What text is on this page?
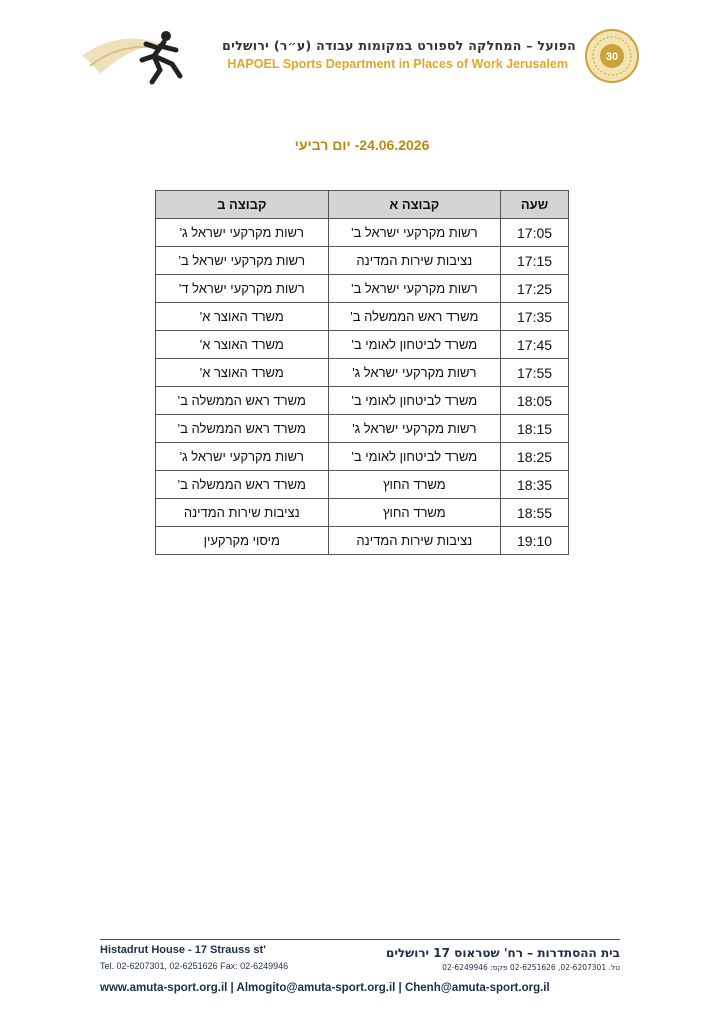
הפועל – המחלקה לספורט במקומות עבודה (ע״ר) ירושלים
HAPOEL Sports Department in Places of Work Jerusalem	30
24.06.2026- יום רביעי
שעה	קבוצה א	קבוצה ב
17:05	רשות מקרקעי ישראל ב'	רשות מקרקעי ישראל ג'
17:15	נציבות שירות המדינה	רשות מקרקעי ישראל ב'
17:25	רשות מקרקעי ישראל ב'	רשות מקרקעי ישראל ד'
17:35	משרד ראש הממשלה ב'	משרד האוצר א'
17:45	משרד לביטחון לאומי ב'	משרד האוצר א'
17:55	רשות מקרקעי ישראל ג'	משרד האוצר א'
18:05	משרד לביטחון לאומי ב'	משרד ראש הממשלה ב'
18:15	רשות מקרקעי ישראל ג'	משרד ראש הממשלה ב'
18:25	משרד לביטחון לאומי ב'	רשות מקרקעי ישראל ג'
18:35	משרד החוץ	משרד ראש הממשלה ב'
18:55	משרד החוץ	נציבות שירות המדינה
19:10	נציבות שירות המדינה	מיסוי מקרקעין
Histadrut House - 17 Strauss st'
Tel. 02-6207301, 02-6251626 Fax: 02-6249946
בית ההסתדרות – רח' שטראוס 17 ירושלים
טל. 02-6207301, 02-6251626 פקס: 02-6249946
www.amuta-sport.org.il | Almogito@amuta-sport.org.il | Chenh@amuta-sport.org.il
